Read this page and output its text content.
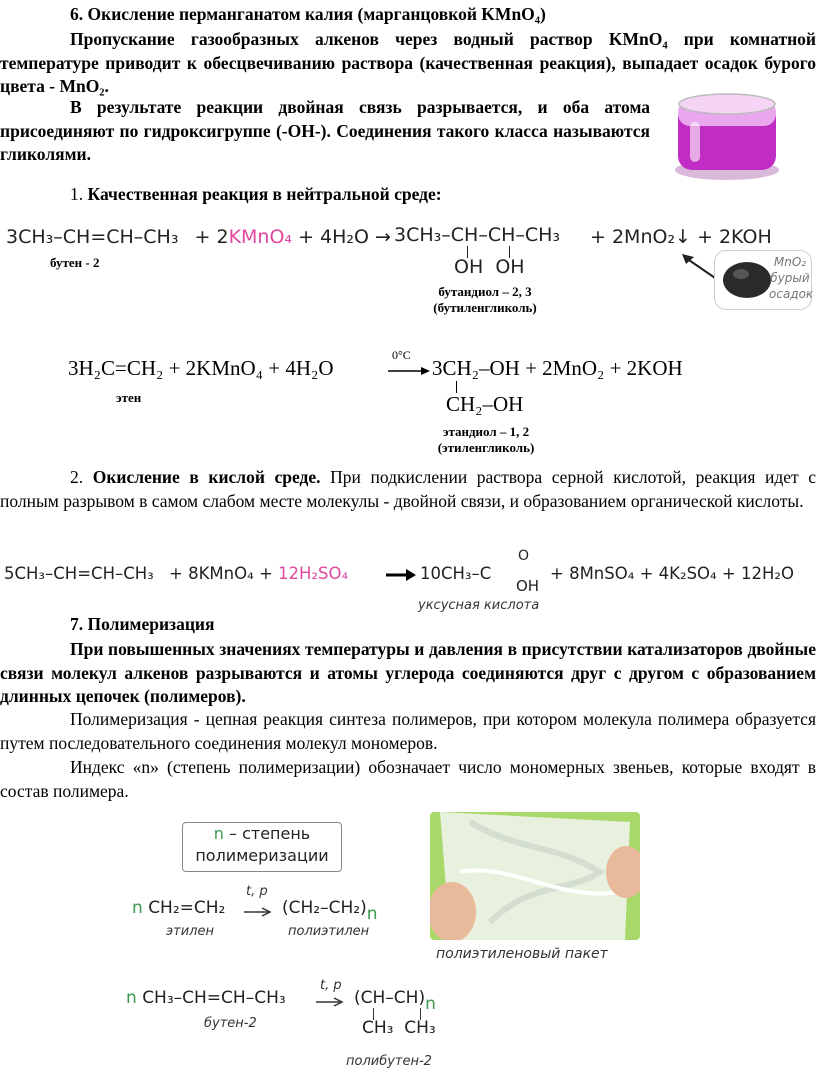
6. Окисление перманганатом калия (марганцовкой KMnO₄)
Пропускание газообразных алкенов через водный раствор KMnO₄ при комнатной температуре приводит к обесцвечиванию раствора (качественная реакция), выпадает осадок бурого цвета - MnO₂.
В результате реакции двойная связь разрывается, и оба атома присоединяют по гидроксигруппе (-ОН-). Соединения такого класса называются гликолями.
1. Качественная реакция в нейтральной среде:
3CH₃–CH=CH–CH₃ + 2KMnO₄ + 4H₂O → 3CH₃–CH–CH–CH₃ + 2MnO₂↓ + 2KOH
OH  OH
бутен - 2
бутандиол – 2, 3
(бутиленгликоль)
MnO₂
бурый
осадок
3H₂C=CH₂ + 2KMnO₄ + 4H₂O
0°C
→ 3CH₂–OH + 2MnO₂ + 2KOH
CH₂–OH
этен
этандиол – 1, 2
(этиленгликоль)
2. Окисление в кислой среде. При подкислении раствора серной кислотой, реакция идет с полным разрывом в самом слабом месте молекулы - двойной связи, и образованием органической кислоты.
5CH₃–CH=CH–CH₃ + 8KMnO₄ + 12H₂SO₄ → 10CH₃–C
O
OH
+ 8MnSO₄ + 4K₂SO₄ + 12H₂O
уксусная кислота
7. Полимеризация
При повышенных значениях температуры и давления в присутствии катализаторов двойные связи молекул алкенов разрываются и атомы углерода соединяются друг с другом с образованием длинных цепочек (полимеров).
Полимеризация - цепная реакция синтеза полимеров, при котором молекула полимера образуется путем последовательного соединения молекул мономеров.
Индекс «n» (степень полимеризации) обозначает число мономерных звеньев, которые входят в состав полимера.
n – степень
полимеризации
n CH₂=CH₂
t, p
→ (CH₂–CH₂)n
этилен	полиэтилен
полиэтиленовый пакет
n CH₃–CH=CH–CH₃
t, p
→ (CH–CH)n
CH₃  CH₃
бутен-2
полибутен-2
